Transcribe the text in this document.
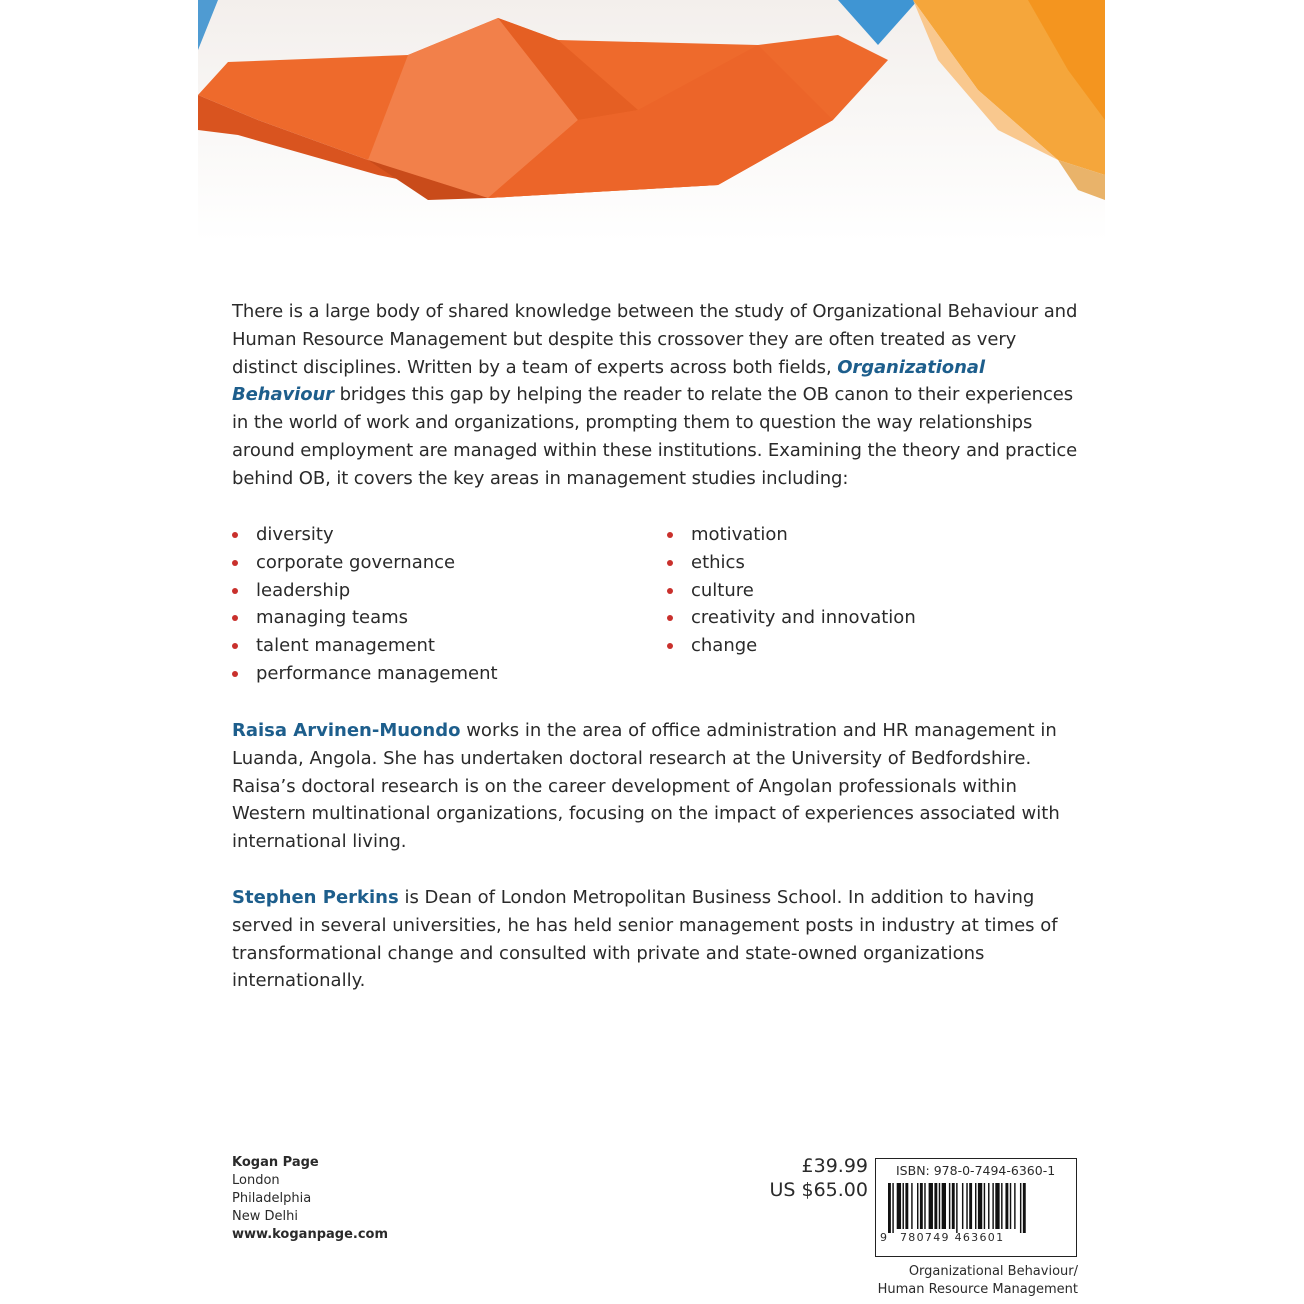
There is a large body of shared knowledge between the study of Organizational Behaviour and Human Resource Management but despite this crossover they are often treated as very distinct disciplines. Written by a team of experts across both fields, Organizational Behaviour bridges this gap by helping the reader to relate the OB canon to their experiences in the world of work and organizations, prompting them to question the way relationships around employment are managed within these institutions. Examining the theory and practice behind OB, it covers the key areas in management studies including:

diversity
corporate governance
leadership
managing teams
talent management
performance management
motivation
ethics
culture
creativity and innovation
change

Raisa Arvinen-Muondo works in the area of office administration and HR management in Luanda, Angola. She has undertaken doctoral research at the University of Bedfordshire. Raisa’s doctoral research is on the career development of Angolan professionals within Western multinational organizations, focusing on the impact of experiences associated with international living.

Stephen Perkins is Dean of London Metropolitan Business School. In addition to having served in several universities, he has held senior management posts in industry at times of transformational change and consulted with private and state-owned organizations internationally.

Kogan Page
London
Philadelphia
New Delhi
www.koganpage.com
£39.99
US $65.00
ISBN: 978-0-7494-6360-1
9 780749 463601
Organizational Behaviour/
Human Resource Management
